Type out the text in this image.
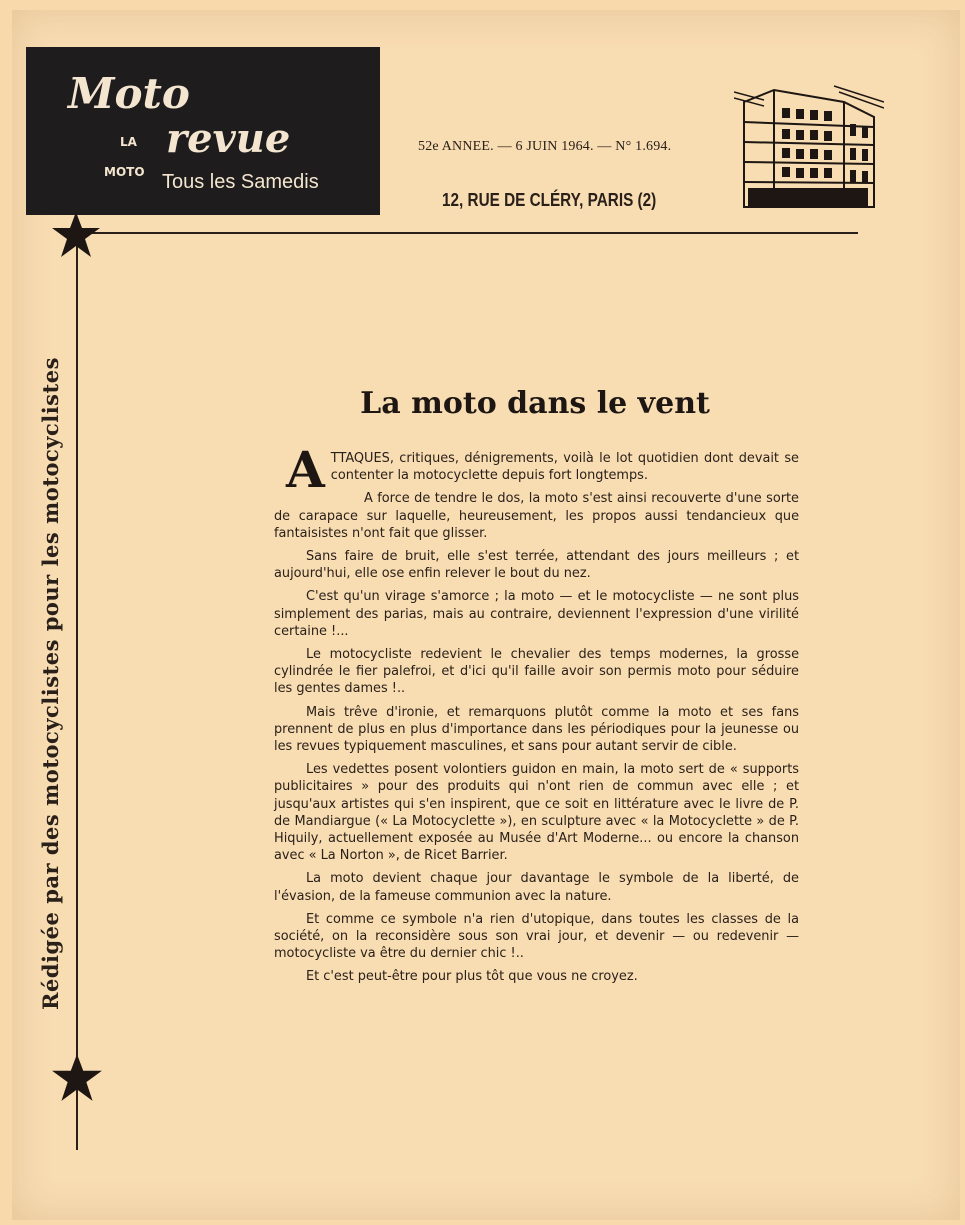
Moto
LA revue
MOTO Tous les Samedis
52e ANNEE. — 6 JUIN 1964. — N° 1.694.
12, RUE DE CLÉRY, PARIS (2)
Rédigée par des motocyclistes pour les motocyclistes	La moto dans le vent

ATTAQUES, critiques, dénigrements, voilà le lot quotidien dont devait se contenter la motocyclette depuis fort longtemps.

A force de tendre le dos, la moto s'est ainsi recouverte d'une sorte de carapace sur laquelle, heureusement, les propos aussi tendancieux que fantaisistes n'ont fait que glisser.

Sans faire de bruit, elle s'est terrée, attendant des jours meilleurs ; et aujourd'hui, elle ose enfin relever le bout du nez.

C'est qu'un virage s'amorce ; la moto — et le motocycliste — ne sont plus simplement des parias, mais au contraire, deviennent l'expression d'une virilité certaine !...

Le motocycliste redevient le chevalier des temps modernes, la grosse cylindrée le fier palefroi, et d'ici qu'il faille avoir son permis moto pour séduire les gentes dames !..

Mais trêve d'ironie, et remarquons plutôt comme la moto et ses fans prennent de plus en plus d'importance dans les périodiques pour la jeunesse ou les revues typiquement masculines, et sans pour autant servir de cible.

Les vedettes posent volontiers guidon en main, la moto sert de « supports publicitaires » pour des produits qui n'ont rien de commun avec elle ; et jusqu'aux artistes qui s'en inspirent, que ce soit en littérature avec le livre de P. de Mandiargue (« La Motocyclette »), en sculpture avec « la Motocyclette » de P. Hiquily, actuellement exposée au Musée d'Art Moderne... ou encore la chanson avec « La Norton », de Ricet Barrier.

La moto devient chaque jour davantage le symbole de la liberté, de l'évasion, de la fameuse communion avec la nature.

Et comme ce symbole n'a rien d'utopique, dans toutes les classes de la société, on la reconsidère sous son vrai jour, et devenir — ou redevenir — motocycliste va être du dernier chic !..

Et c'est peut-être pour plus tôt que vous ne croyez.
